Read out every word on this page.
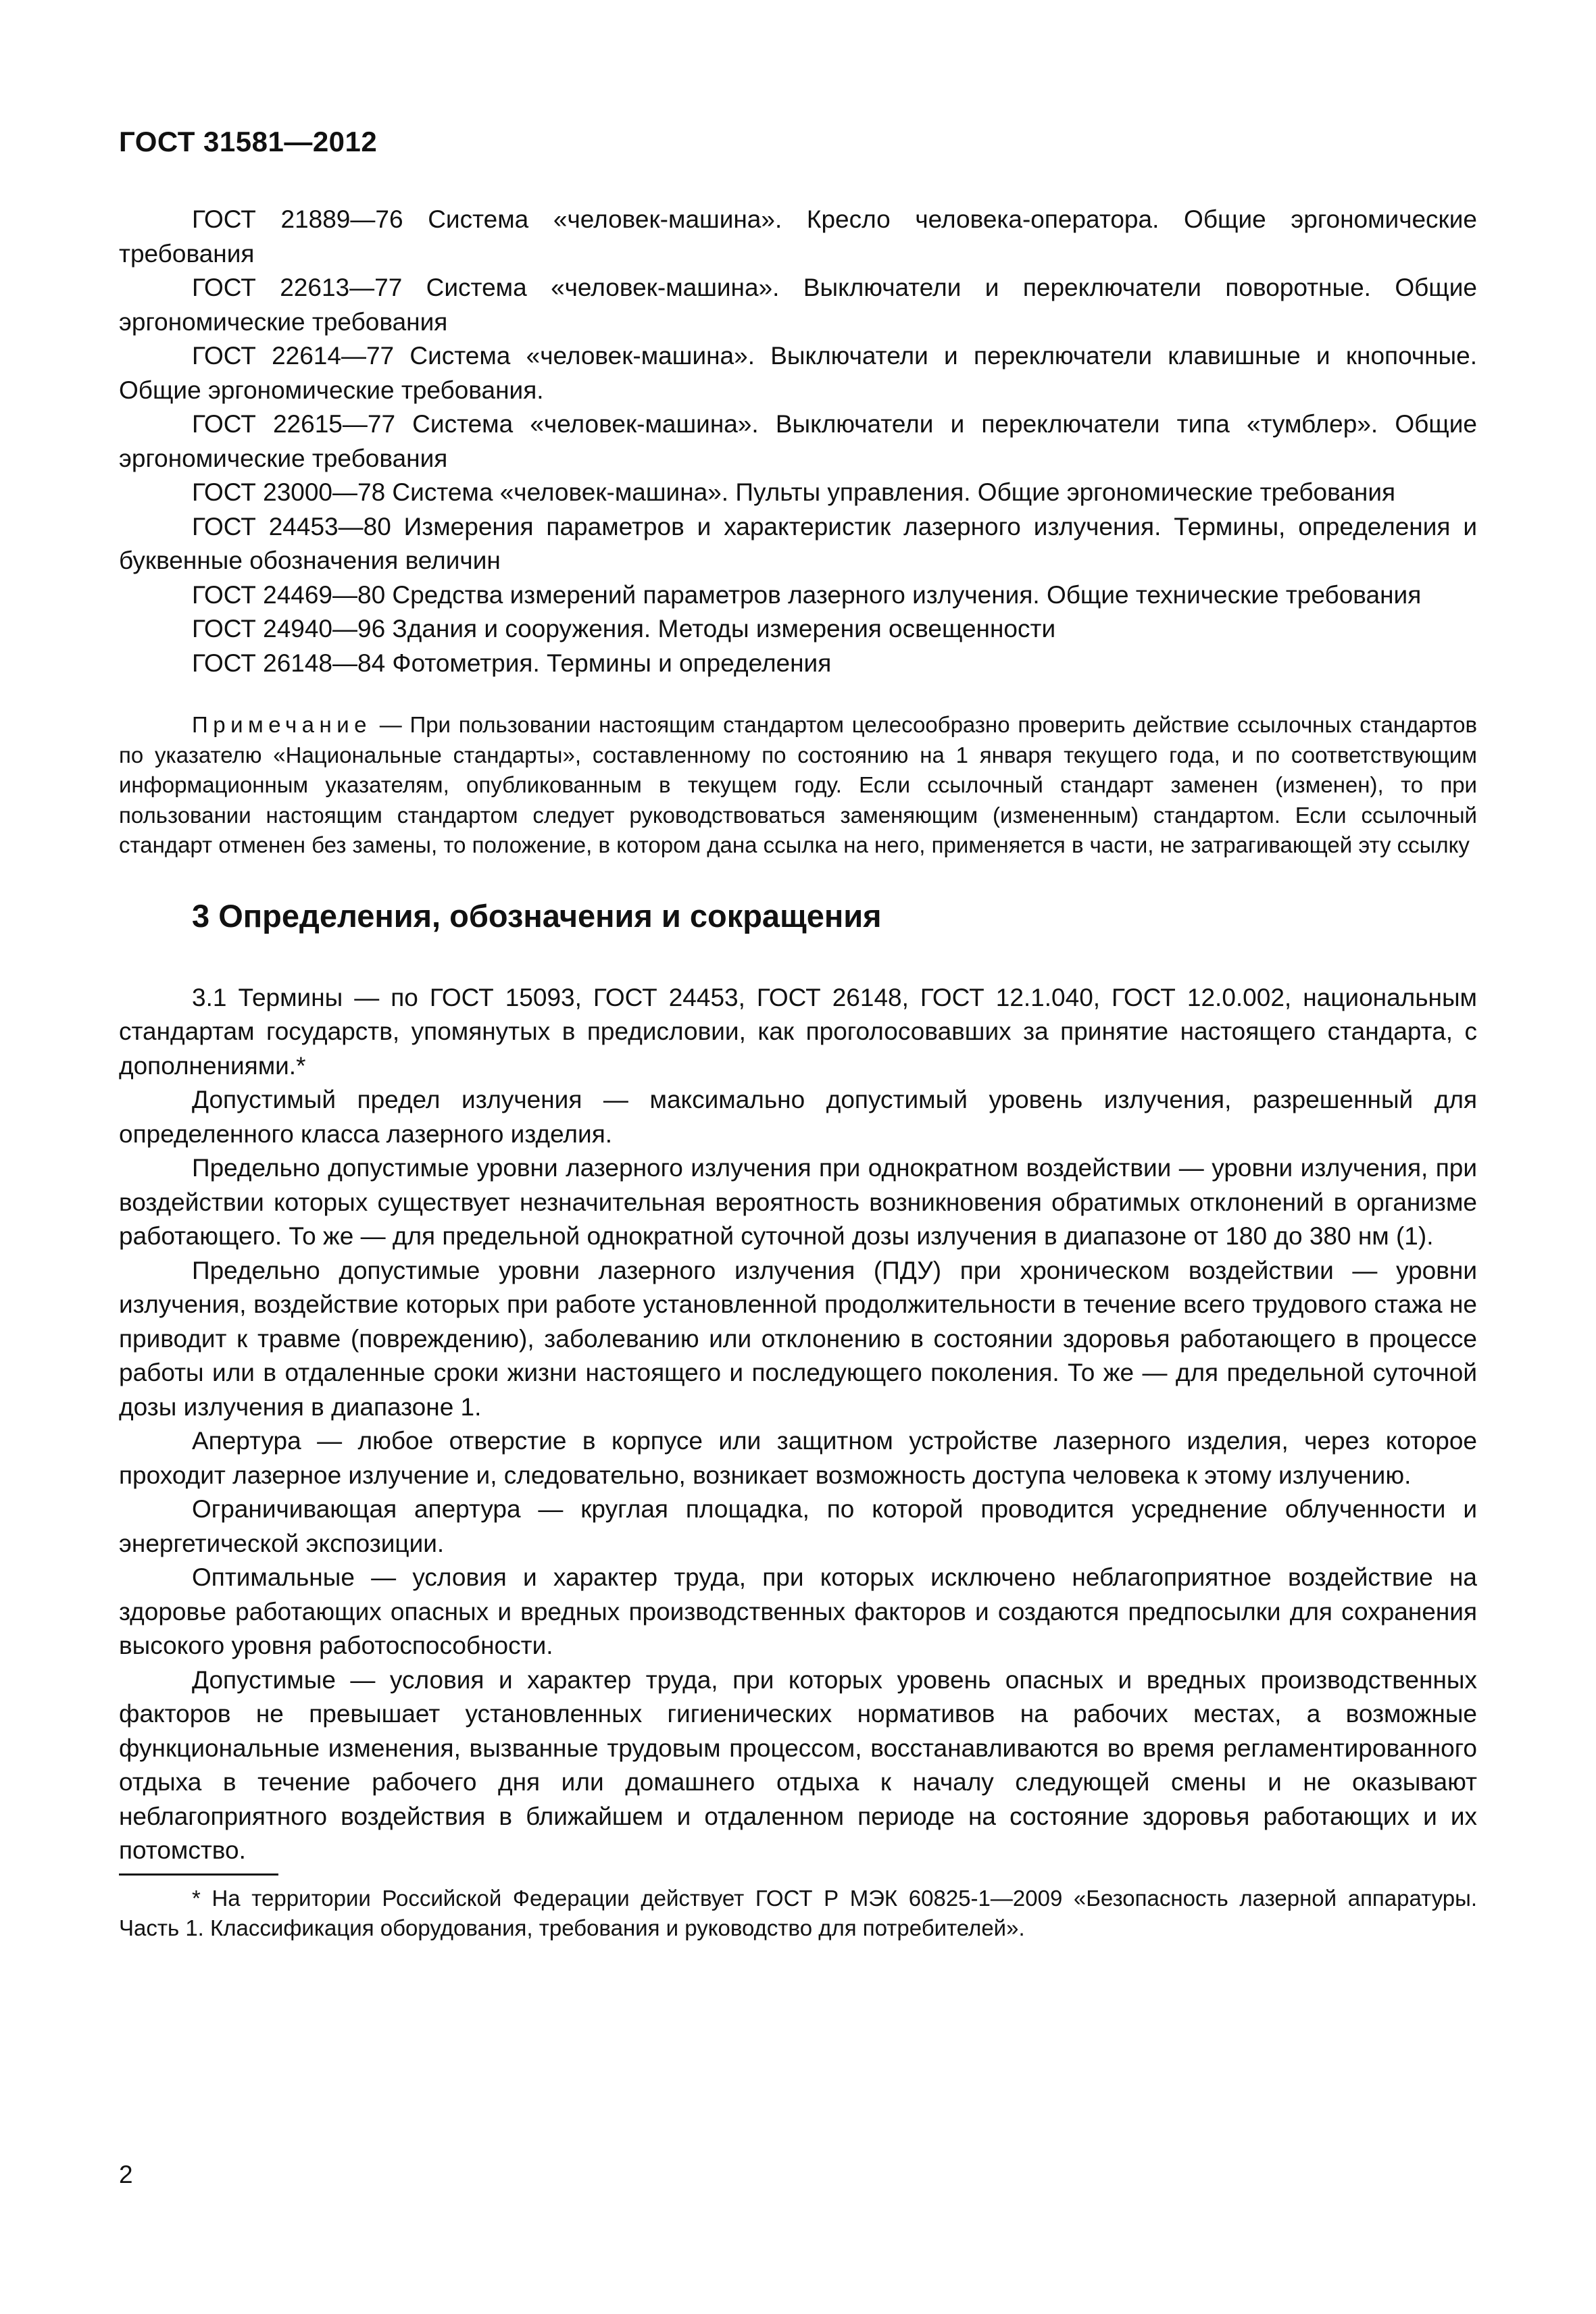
ГОСТ 31581—2012

ГОСТ 21889—76 Система «человек-машина». Кресло человека-оператора. Общие эргономические требования

ГОСТ 22613—77 Система «человек-машина». Выключатели и переключатели поворотные. Общие эргономические требования

ГОСТ 22614—77 Система «человек-машина». Выключатели и переключатели клавишные и кнопочные. Общие эргономические требования.

ГОСТ 22615—77 Система «человек-машина». Выключатели и переключатели типа «тумблер». Общие эргономические требования

ГОСТ 23000—78 Система «человек-машина». Пульты управления. Общие эргономические требования

ГОСТ 24453—80 Измерения параметров и характеристик лазерного излучения. Термины, определения и буквенные обозначения величин

ГОСТ 24469—80 Средства измерений параметров лазерного излучения. Общие технические требования

ГОСТ 24940—96 Здания и сооружения. Методы измерения освещенности

ГОСТ 26148—84 Фотометрия. Термины и определения

Примечание — При пользовании настоящим стандартом целесообразно проверить действие ссылочных стандартов по указателю «Национальные стандарты», составленному по состоянию на 1 января текущего года, и по соответствующим информационным указателям, опубликованным в текущем году. Если ссылочный стандарт заменен (изменен), то при пользовании настоящим стандартом следует руководствоваться заменяющим (измененным) стандартом. Если ссылочный стандарт отменен без замены, то положение, в котором дана ссылка на него, применяется в части, не затрагивающей эту ссылку

3 Определения, обозначения и сокращения

3.1 Термины — по ГОСТ 15093, ГОСТ 24453, ГОСТ 26148, ГОСТ 12.1.040, ГОСТ 12.0.002, национальным стандартам государств, упомянутых в предисловии, как проголосовавших за принятие настоящего стандарта, с дополнениями.*

Допустимый предел излучения — максимально допустимый уровень излучения, разрешенный для определенного класса лазерного изделия.

Предельно допустимые уровни лазерного излучения при однократном воздействии — уровни излучения, при воздействии которых существует незначительная вероятность возникновения обратимых отклонений в организме работающего. То же — для предельной однократной суточной дозы излучения в диапазоне от 180 до 380 нм (1).

Предельно допустимые уровни лазерного излучения (ПДУ) при хроническом воздействии — уровни излучения, воздействие которых при работе установленной продолжительности в течение всего трудового стажа не приводит к травме (повреждению), заболеванию или отклонению в состоянии здоровья работающего в процессе работы или в отдаленные сроки жизни настоящего и последующего поколения. То же — для предельной суточной дозы излучения в диапазоне 1.

Апертура — любое отверстие в корпусе или защитном устройстве лазерного изделия, через которое проходит лазерное излучение и, следовательно, возникает возможность доступа человека к этому излучению.

Ограничивающая апертура — круглая площадка, по которой проводится усреднение облученности и энергетической экспозиции.

Оптимальные — условия и характер труда, при которых исключено неблагоприятное воздействие на здоровье работающих опасных и вредных производственных факторов и создаются предпосылки для сохранения высокого уровня работоспособности.

Допустимые — условия и характер труда, при которых уровень опасных и вредных производственных факторов не превышает установленных гигиенических нормативов на рабочих местах, а возможные функциональные изменения, вызванные трудовым процессом, восстанавливаются во время регламентированного отдыха в течение рабочего дня или домашнего отдыха к началу следующей смены и не оказывают неблагоприятного воздействия в ближайшем и отдаленном периоде на состояние здоровья работающих и их потомство.

* На территории Российской Федерации действует ГОСТ Р МЭК 60825-1—2009 «Безопасность лазерной аппаратуры. Часть 1. Классификация оборудования, требования и руководство для потребителей».

2
